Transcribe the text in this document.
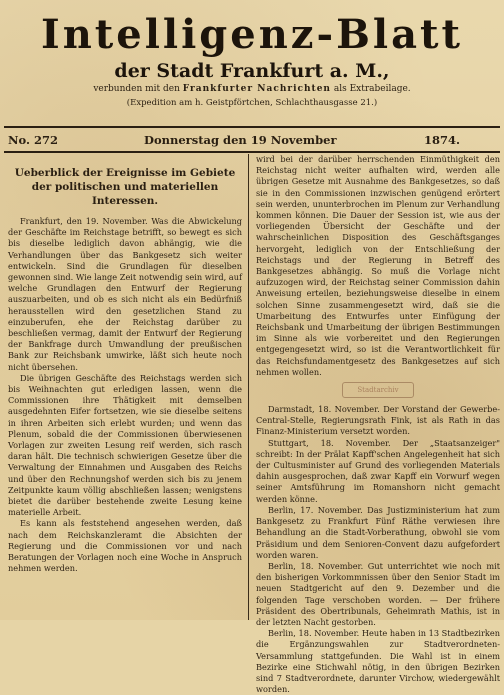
Intelligenz-Blatt
der Stadt Frankfurt a. M.,
verbunden mit den Frankfurter Nachrichten als Extrabeilage.
(Expedition am h. Geistpförtchen, Schlachthausgasse 21.)
No. 272	Donnerstag den 19 November	1874.
Ueberblick der Ereignisse im Gebiete der politischen und materiellen Interessen.

Frankfurt, den 19. November. Was die Abwickelung der Geschäfte im Reichstage betrifft, so bewegt es sich bis dieselbe lediglich davon abhängig, wie die Verhandlungen über das Bankgesetz sich weiter entwickeln. Sind die Grundlagen für dieselben gewonnen sind. Wie lange Zeit notwendig sein wird, auf welche Grundlagen den Entwurf der Regierung auszuarbeiten, und ob es sich nicht als ein Bedürfniß herausstellen wird den gesetzlichen Stand zu einzuberufen, ehe der Reichstag darüber zu beschließen vermag, damit der Entwurf der Regierung der Bankfrage durch Umwandlung der preußischen Bank zur Reichsbank umwirke, läßt sich heute noch nicht übersehen.

Die übrigen Geschäfte des Reichstags werden sich bis Weihnachten gut erledigen lassen, wenn die Commissionen ihre Thätigkeit mit demselben ausgedehnten Eifer fortsetzen, wie sie dieselbe seitens in ihren Arbeiten sich erlebt wurden; und wenn das Plenum, sobald die der Commissionen überwiesenen Vorlagen zur zweiten Lesung reif werden, sich rasch daran hält. Die technisch schwierigen Gesetze über die Verwaltung der Einnahmen und Ausgaben des Reichs und über den Rechnungshof werden sich bis zu jenem Zeitpunkte kaum völlig abschließen lassen; wenigstens bietet die darüber bestehende zweite Lesung keine materielle Arbeit.

Es kann als feststehend angesehen werden, daß nach dem Reichskanzleramt die Absichten der Regierung und die Commissionen vor und nach Beratungen der Vorlagen noch eine Woche in Anspruch nehmen werden.

wird bei der darüber herrschenden Einmüthigkeit den Reichstag nicht weiter aufhalten wird, werden alle übrigen Gesetze mit Ausnahme des Bankgesetzes, so daß sie in den Commissionen inzwischen genügend erörtert sein werden, ununterbrochen im Plenum zur Verhandlung kommen können. Die Dauer der Session ist, wie aus der vorliegenden Übersicht der Geschäfte und der wahrscheinlichen Disposition des Geschäftsganges hervorgeht, lediglich von der Entschließung der Reichstags und der Regierung in Betreff des Bankgesetzes abhängig. So muß die Vorlage nicht aufzuzogen wird, der Reichstag seiner Commission dahin Anweisung erteilen, beziehungsweise dieselbe in einem solchen Sinne zusammengesetzt wird, daß sie die Umarbeitung des Entwurfes unter Einfügung der Reichsbank und Umarbeitung der übrigen Bestimmungen im Sinne als wie vorbereitet und den Regierungen entgegengesetzt wird, so ist die Verantwortlichkeit für das Reichsfundamentgesetz des Bankgesetzes auf sich nehmen wollen.

Stadtarchiv

Darmstadt, 18. November. Der Vorstand der Gewerbe-Central-Stelle, Regierungsrath Fink, ist als Rath in das Finanz-Ministerium versetzt worden.

Stuttgart, 18. November. Der „Staatsanzeiger" schreibt: In der Prälat Kapff'schen Angelegenheit hat sich der Cultusminister auf Grund des vorliegenden Materials dahin ausgesprochen, daß zwar Kapff ein Vorwurf wegen seiner Amtsführung im Romanshorn nicht gemacht werden könne.

Berlin, 17. November. Das Justizministerium hat zum Bankgesetz zu Frankfurt Fünf Räthe verwiesen ihre Behandlung an die Stadt-Vorberathung, obwohl sie vom Präsidium und dem Senioren-Convent dazu aufgefordert worden waren.

Berlin, 18. November. Gut unterrichtet wie noch mit den bisherigen Vorkommnissen über den Senior Stadt im neuen Stadtgericht auf den 9. Dezember und die folgenden Tage verschoben worden. — Der frühere Präsident des Obertribunals, Geheimrath Mathis, ist in der letzten Nacht gestorben.

Berlin, 18. November. Heute haben in 13 Stadtbezirken die Ergänzungswahlen zur Stadtverordneten-Versammlung stattgefunden. Die Wahl ist in einem Bezirke eine Stichwahl nötig, in den übrigen Bezirken sind 7 Stadtverordnete, darunter Virchow, wiedergewählt worden.
